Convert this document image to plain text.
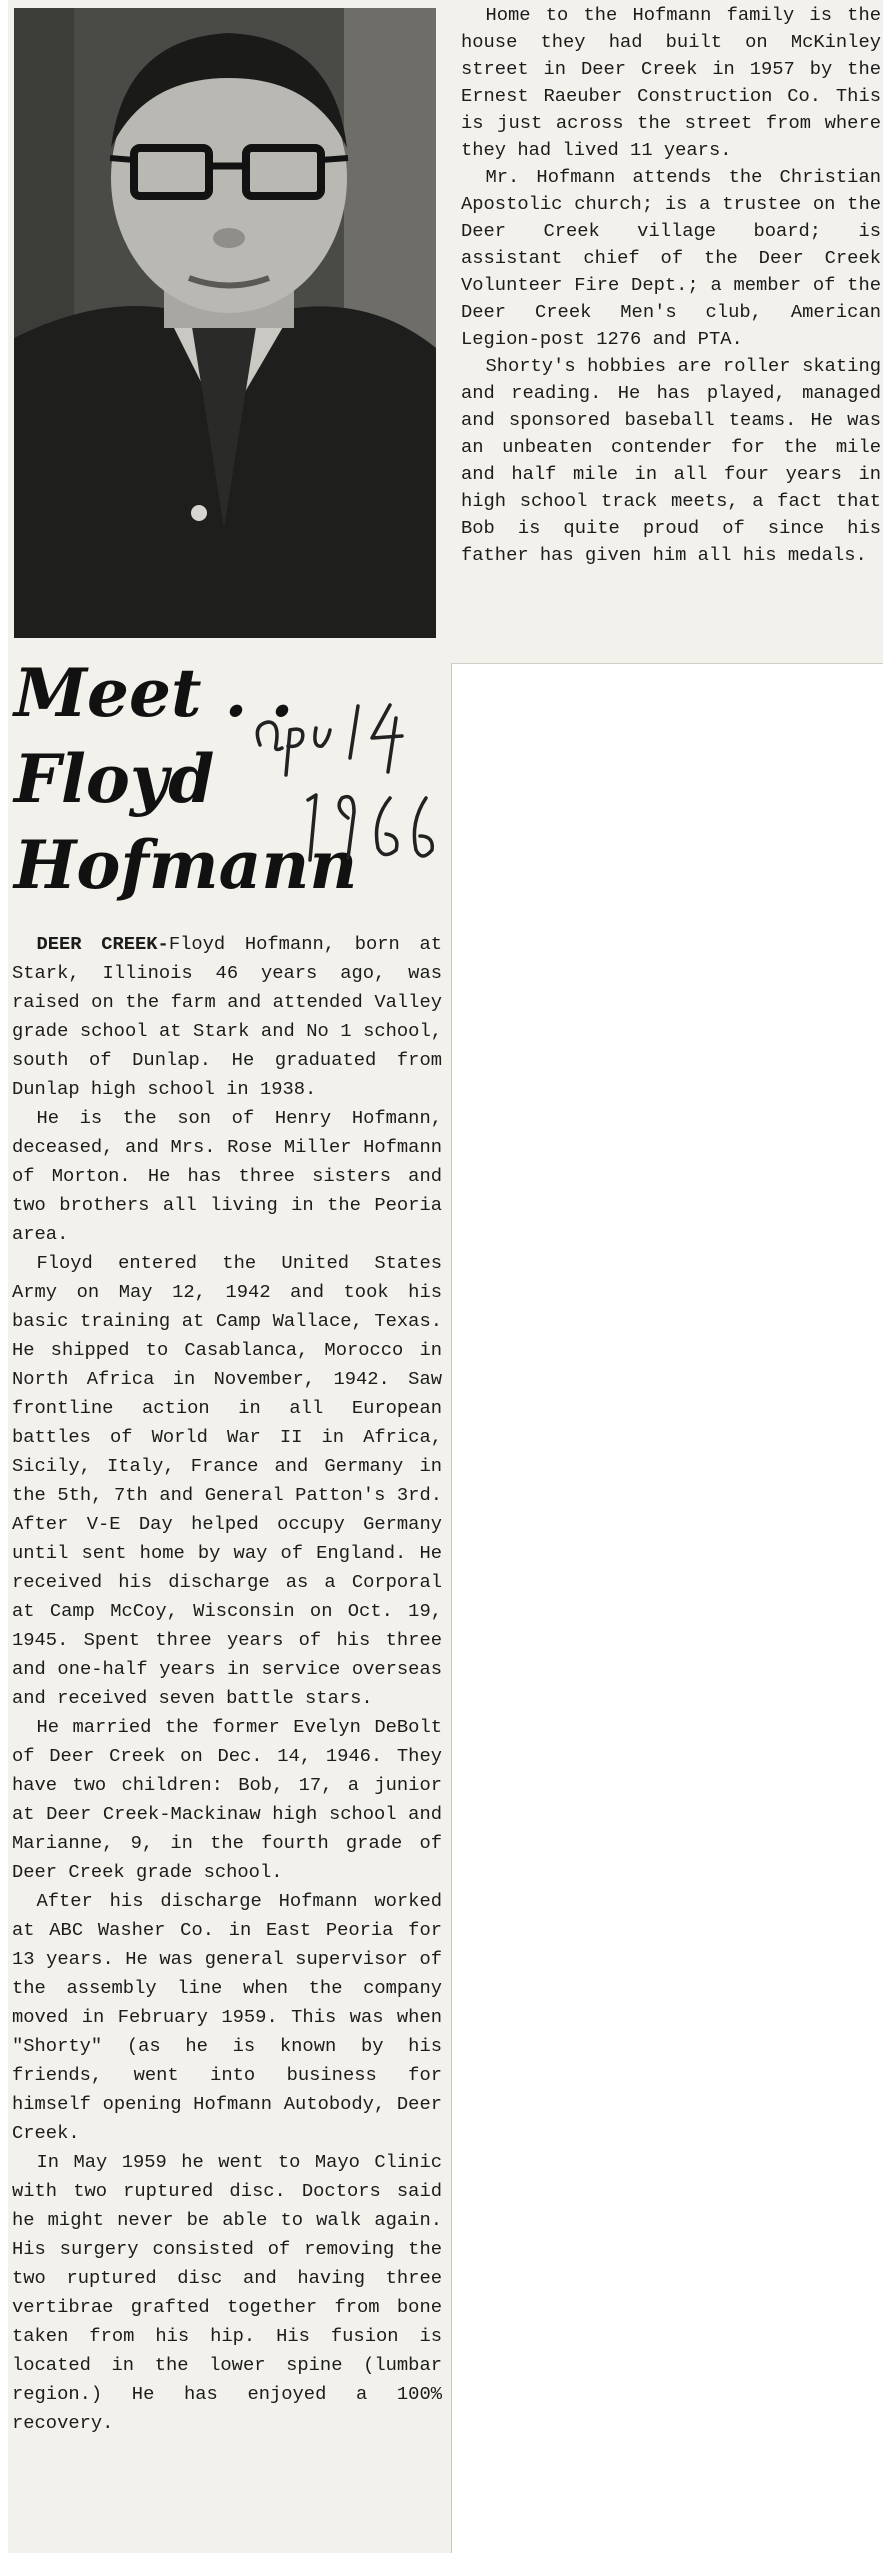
Meet . .
Floyd
Hofmann

DEER CREEK-Floyd Hofmann, born at Stark, Illinois 46 years ago, was raised on the farm and attended Valley grade school at Stark and No 1 school, south of Dunlap. He graduated from Dunlap high school in 1938.

He is the son of Henry Hofmann, deceased, and Mrs. Rose Miller Hofmann of Morton. He has three sisters and two brothers all living in the Peoria area.

Floyd entered the United States Army on May 12, 1942 and took his basic training at Camp Wallace, Texas. He shipped to Casablanca, Morocco in North Africa in November, 1942. Saw frontline action in all European battles of World War II in Africa, Sicily, Italy, France and Germany in the 5th, 7th and General Patton's 3rd. After V-E Day helped occupy Germany until sent home by way of England. He received his discharge as a Corporal at Camp McCoy, Wisconsin on Oct. 19, 1945. Spent three years of his three and one-half years in service overseas and received seven battle stars.

He married the former Evelyn DeBolt of Deer Creek on Dec. 14, 1946. They have two children: Bob, 17, a junior at Deer Creek-Mackinaw high school and Marianne, 9, in the fourth grade of Deer Creek grade school.

After his discharge Hofmann worked at ABC Washer Co. in East Peoria for 13 years. He was general supervisor of the assembly line when the company moved in February 1959. This was when "Shorty" (as he is known by his friends, went into business for himself opening Hofmann Autobody, Deer Creek.

In May 1959 he went to Mayo Clinic with two ruptured disc. Doctors said he might never be able to walk again. His surgery consisted of removing the two ruptured disc and having three vertibrae grafted together from bone taken from his hip. His fusion is located in the lower spine (lumbar region.) He has enjoyed a 100% recovery.

Home to the Hofmann family is the house they had built on McKinley street in Deer Creek in 1957 by the Ernest Raeuber Construction Co. This is just across the street from where they had lived 11 years.

Mr. Hofmann attends the Christian Apostolic church; is a trustee on the Deer Creek village board; is assistant chief of the Deer Creek Volunteer Fire Dept.; a member of the Deer Creek Men's club, American Legion-post 1276 and PTA.

Shorty's hobbies are roller skating and reading. He has played, managed and sponsored baseball teams. He was an unbeaten contender for the mile and half mile in all four years in high school track meets, a fact that Bob is quite proud of since his father has given him all his medals.
